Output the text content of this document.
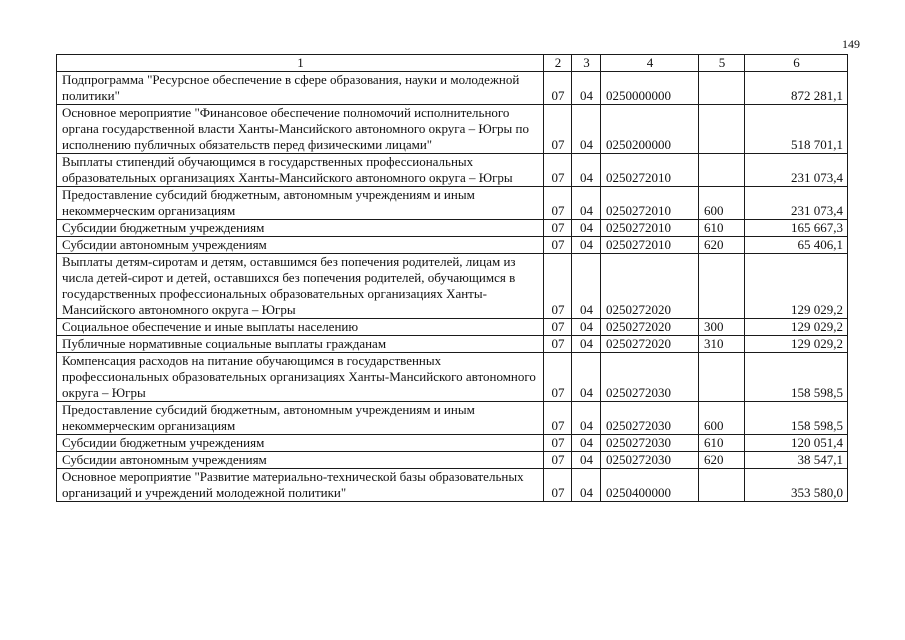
149
1	2	3	4	5	6
Подпрограмма "Ресурсное обеспечение в сфере образования, науки и молодежной политики"	07	04	0250000000		872 281,1
Основное мероприятие "Финансовое обеспечение полномочий исполнительного органа государственной власти Ханты-Мансийского автономного округа – Югры по исполнению публичных обязательств перед физическими лицами"	07	04	0250200000		518 701,1
Выплаты стипендий обучающимся в государственных профессиональных образовательных организациях Ханты-Мансийского автономного округа – Югры	07	04	0250272010		231 073,4
Предоставление субсидий бюджетным, автономным учреждениям и иным некоммерческим организациям	07	04	0250272010	600	231 073,4
Субсидии бюджетным учреждениям	07	04	0250272010	610	165 667,3
Субсидии автономным учреждениям	07	04	0250272010	620	65 406,1
Выплаты детям-сиротам и детям, оставшимся без попечения родителей, лицам из числа детей-сирот и детей, оставшихся без попечения родителей, обучающимся в государственных профессиональных образовательных организациях Ханты-Мансийского автономного округа – Югры	07	04	0250272020		129 029,2
Социальное обеспечение и иные выплаты населению	07	04	0250272020	300	129 029,2
Публичные нормативные социальные выплаты гражданам	07	04	0250272020	310	129 029,2
Компенсация расходов на питание обучающимся в государственных профессиональных образовательных организациях Ханты-Мансийского автономного округа – Югры	07	04	0250272030		158 598,5
Предоставление субсидий бюджетным, автономным учреждениям и иным некоммерческим организациям	07	04	0250272030	600	158 598,5
Субсидии бюджетным учреждениям	07	04	0250272030	610	120 051,4
Субсидии автономным учреждениям	07	04	0250272030	620	38 547,1
Основное мероприятие "Развитие материально-технической базы образовательных организаций и учреждений молодежной политики"	07	04	0250400000		353 580,0
